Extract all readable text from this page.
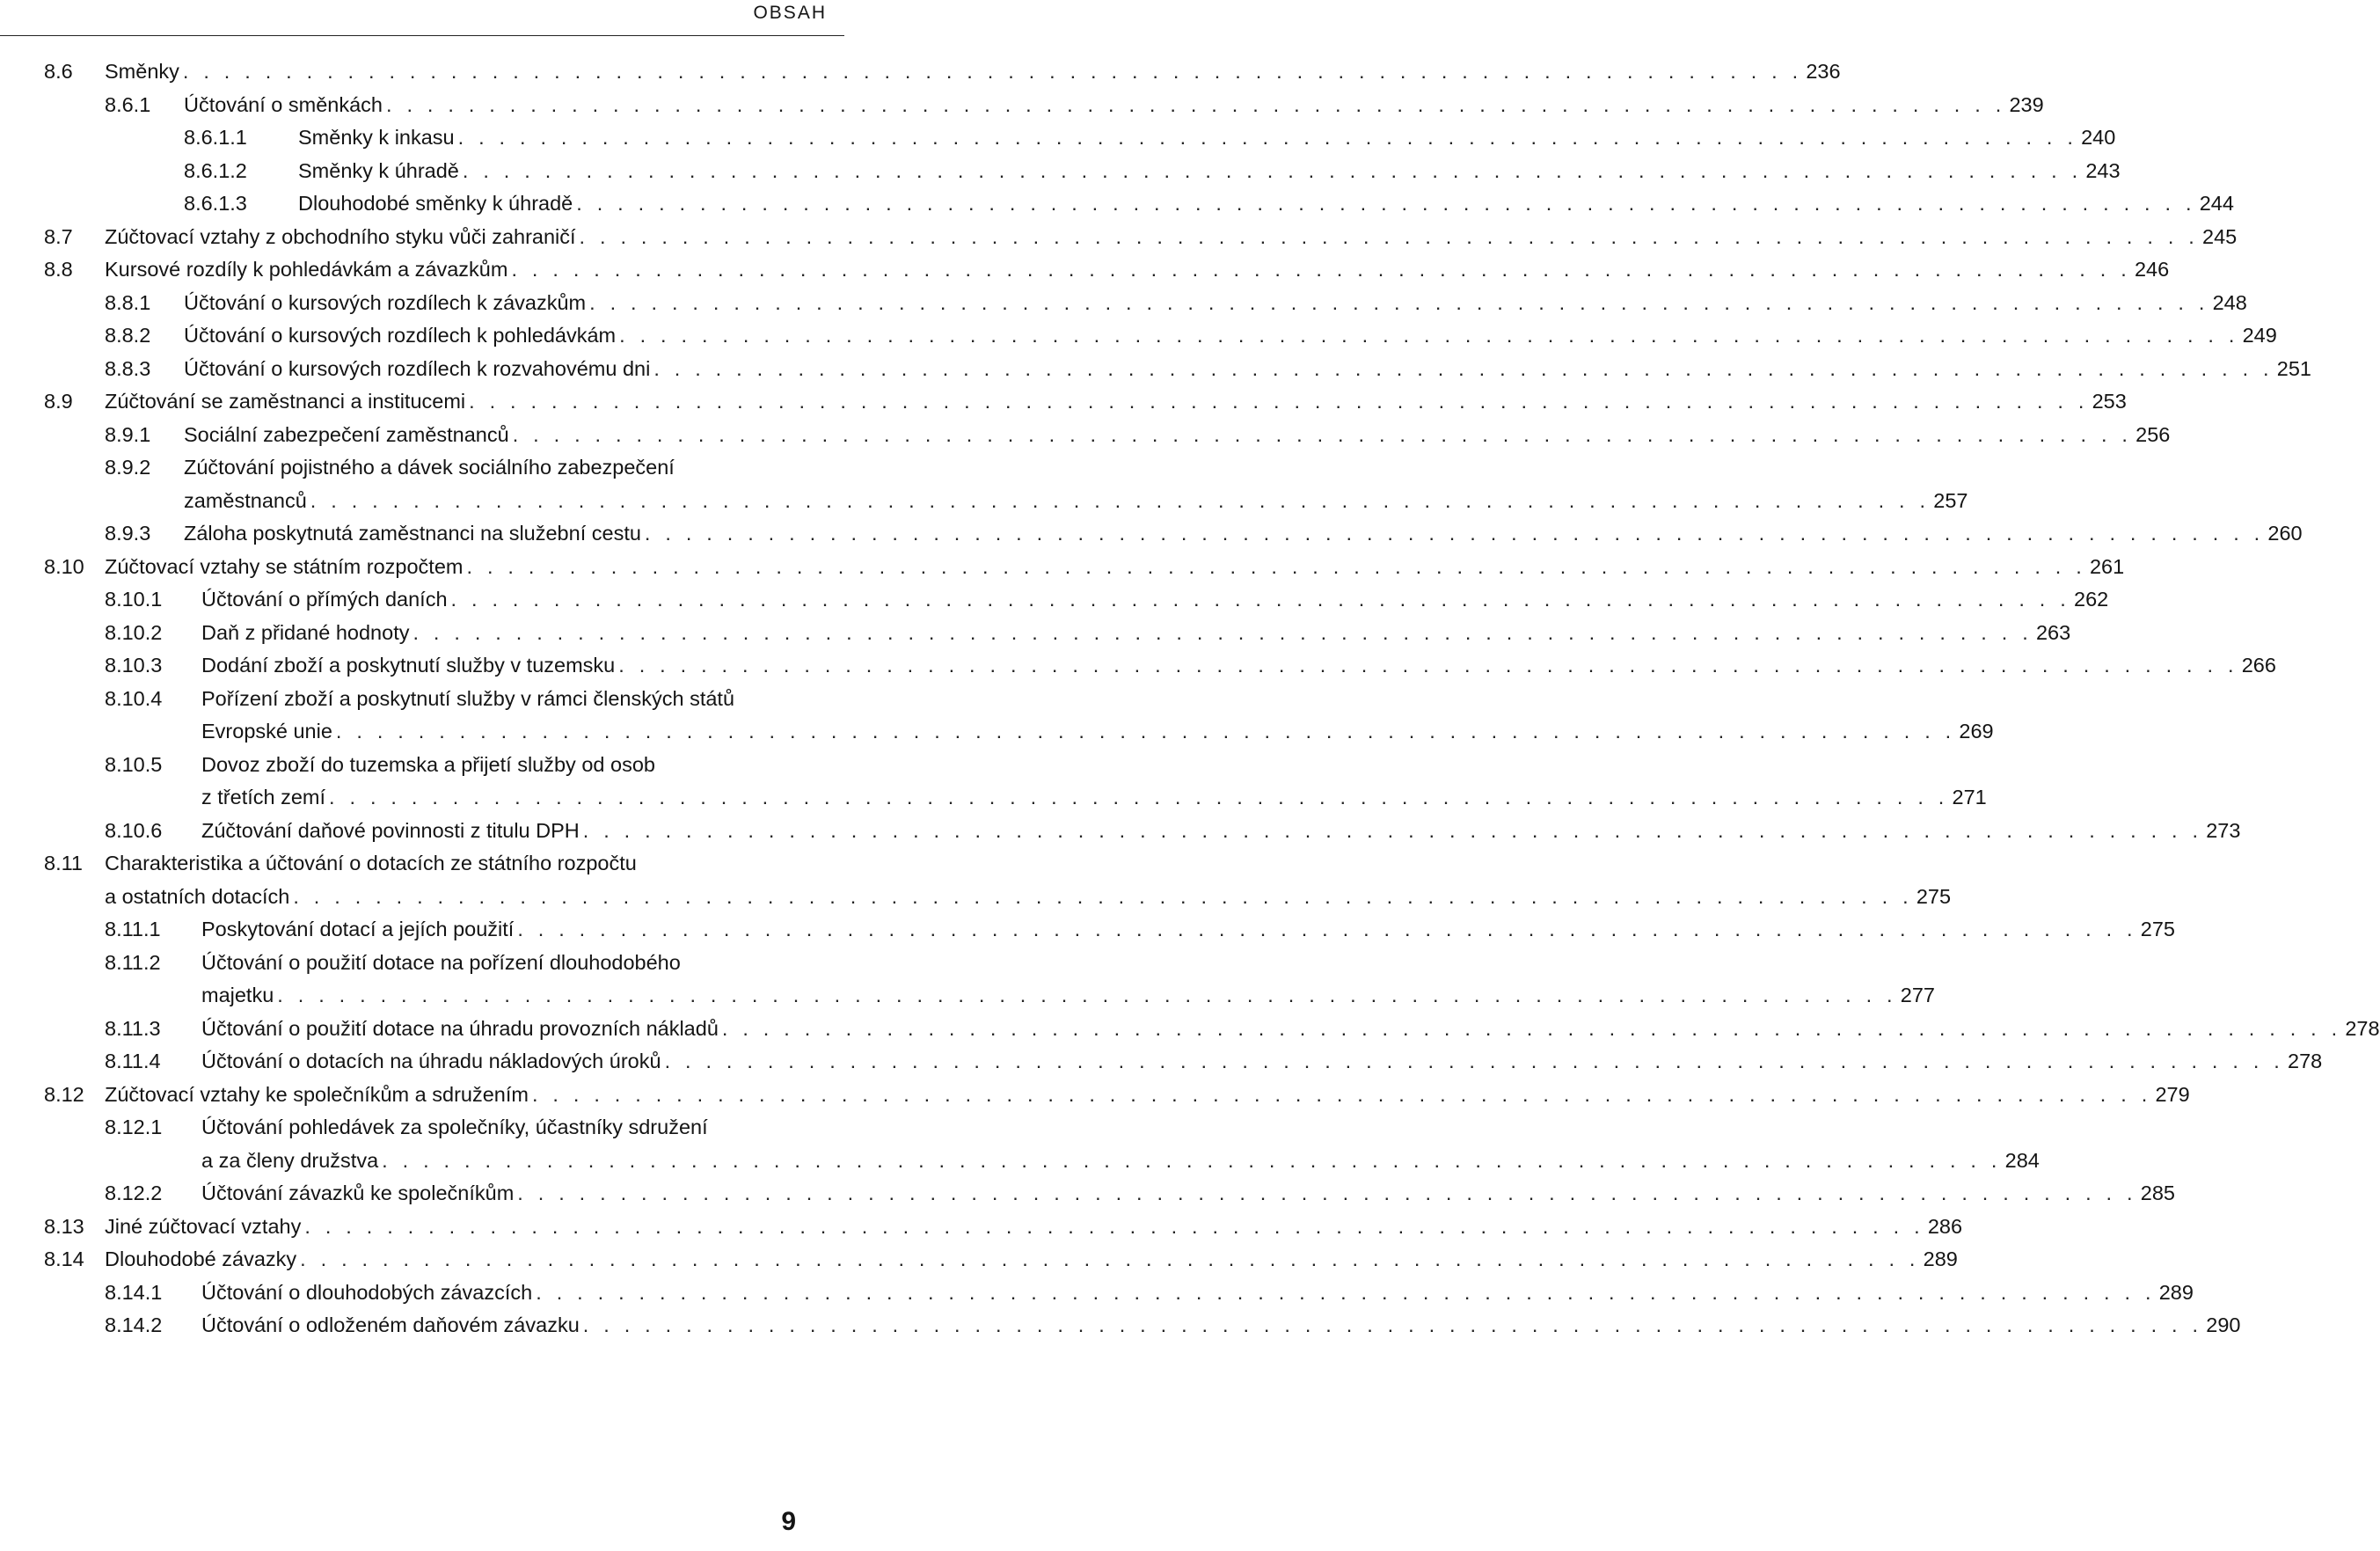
OBSAH
8.6 Směnky . . . . . . . . . . . . . . . . . . . . . . . . . . . . . . . . . . . . . . . . . . . . . . . . . . . . . . . . . . . . . . . . . . . . . . . . . . . . . . . 236
8.6.1 Účtování o směnkách . . . . . . . . . . . . . . . . . . . . . . . . . . . . . . . . . . . . . . . . . . . . . . . . . . . . . . . . . . . . . . . . . . . . . . . . . . . . . . . 239
8.6.1.1 Směnky k inkasu . . . . . . . . . . . . . . . . . . . . . . . . . . . . . . . . . . . . . . . . . . . . . . . . . . . . . . . . . . . . . . . . . . . . . . . . . . . . . . . 240
8.6.1.2 Směnky k úhradě . . . . . . . . . . . . . . . . . . . . . . . . . . . . . . . . . . . . . . . . . . . . . . . . . . . . . . . . . . . . . . . . . . . . . . . . . . . . . . . 243
8.6.1.3 Dlouhodobé směnky k úhradě . . . . . . . . . . . . . . . . . . . . . . . . . . . . . . . . . . . . . . . . . . . . . . . . . . . . . . . . . . . . . . . . . . . . . . . . . . . . . . . 244
8.7 Zúčtovací vztahy z obchodního styku vůči zahraničí . . . . . . . . . . . . . . . . . . . . . . . . . . . . . . . . . . . . . . . . . . . . . . . . . . . . . . . . . . . . . . . . . . . . . . . . . . . . . . . 245
8.8 Kursové rozdíly k pohledávkám a závazkům . . . . . . . . . . . . . . . . . . . . . . . . . . . . . . . . . . . . . . . . . . . . . . . . . . . . . . . . . . . . . . . . . . . . . . . . . . . . . . . 246
8.8.1 Účtování o kursových rozdílech k závazkům . . . . . . . . . . . . . . . . . . . . . . . . . . . . . . . . . . . . . . . . . . . . . . . . . . . . . . . . . . . . . . . . . . . . . . . . . . . . . . . 248
8.8.2 Účtování o kursových rozdílech k pohledávkám . . . . . . . . . . . . . . . . . . . . . . . . . . . . . . . . . . . . . . . . . . . . . . . . . . . . . . . . . . . . . . . . . . . . . . . . . . . . . . . 249
8.8.3 Účtování o kursových rozdílech k rozvahovému dni . . . . . . . . . . . . . . . . . . . . . . . . . . . . . . . . . . . . . . . . . . . . . . . . . . . . . . . . . . . . . . . . . . . . . . . . . . . . . . . 251
8.9 Zúčtování se zaměstnanci a institucemi . . . . . . . . . . . . . . . . . . . . . . . . . . . . . . . . . . . . . . . . . . . . . . . . . . . . . . . . . . . . . . . . . . . . . . . . . . . . . . . 253
8.9.1 Sociální zabezpečení zaměstnanců . . . . . . . . . . . . . . . . . . . . . . . . . . . . . . . . . . . . . . . . . . . . . . . . . . . . . . . . . . . . . . . . . . . . . . . . . . . . . . . 256
8.9.2 Zúčtování pojistného a dávek sociálního zabezpečení
zaměstnanců . . . . . . . . . . . . . . . . . . . . . . . . . . . . . . . . . . . . . . . . . . . . . . . . . . . . . . . . . . . . . . . . . . . . . . . . . . . . . . . 257
8.9.3 Záloha poskytnutá zaměstnanci na služební cestu . . . . . . . . . . . . . . . . . . . . . . . . . . . . . . . . . . . . . . . . . . . . . . . . . . . . . . . . . . . . . . . . . . . . . . . . . . . . . . . 260
8.10 Zúčtovací vztahy se státním rozpočtem . . . . . . . . . . . . . . . . . . . . . . . . . . . . . . . . . . . . . . . . . . . . . . . . . . . . . . . . . . . . . . . . . . . . . . . . . . . . . . . 261
8.10.1 Účtování o přímých daních . . . . . . . . . . . . . . . . . . . . . . . . . . . . . . . . . . . . . . . . . . . . . . . . . . . . . . . . . . . . . . . . . . . . . . . . . . . . . . . 262
8.10.2 Daň z přidané hodnoty . . . . . . . . . . . . . . . . . . . . . . . . . . . . . . . . . . . . . . . . . . . . . . . . . . . . . . . . . . . . . . . . . . . . . . . . . . . . . . . 263
8.10.3 Dodání zboží a poskytnutí služby v tuzemsku . . . . . . . . . . . . . . . . . . . . . . . . . . . . . . . . . . . . . . . . . . . . . . . . . . . . . . . . . . . . . . . . . . . . . . . . . . . . . . . 266
8.10.4 Pořízení zboží a poskytnutí služby v rámci členských států
Evropské unie . . . . . . . . . . . . . . . . . . . . . . . . . . . . . . . . . . . . . . . . . . . . . . . . . . . . . . . . . . . . . . . . . . . . . . . . . . . . . . . 269
8.10.5 Dovoz zboží do tuzemska a přijetí služby od osob
z třetích zemí . . . . . . . . . . . . . . . . . . . . . . . . . . . . . . . . . . . . . . . . . . . . . . . . . . . . . . . . . . . . . . . . . . . . . . . . . . . . . . . 271
8.10.6 Zúčtování daňové povinnosti z titulu DPH . . . . . . . . . . . . . . . . . . . . . . . . . . . . . . . . . . . . . . . . . . . . . . . . . . . . . . . . . . . . . . . . . . . . . . . . . . . . . . . 273
8.11 Charakteristika a účtování o dotacích ze státního rozpočtu
a ostatních dotacích . . . . . . . . . . . . . . . . . . . . . . . . . . . . . . . . . . . . . . . . . . . . . . . . . . . . . . . . . . . . . . . . . . . . . . . . . . . . . . . 275
8.11.1 Poskytování dotací a jejích použití . . . . . . . . . . . . . . . . . . . . . . . . . . . . . . . . . . . . . . . . . . . . . . . . . . . . . . . . . . . . . . . . . . . . . . . . . . . . . . . 275
8.11.2 Účtování o použití dotace na pořízení dlouhodobého
majetku . . . . . . . . . . . . . . . . . . . . . . . . . . . . . . . . . . . . . . . . . . . . . . . . . . . . . . . . . . . . . . . . . . . . . . . . . . . . . . . 277
8.11.3 Účtování o použití dotace na úhradu provozních nákladů . . . . . . . . . . . . . . . . . . . . . . . . . . . . . . . . . . . . . . . . . . . . . . . . . . . . . . . . . . . . . . . . . . . . . . . . . . . . . . . 278
8.11.4 Účtování o dotacích na úhradu nákladových úroků . . . . . . . . . . . . . . . . . . . . . . . . . . . . . . . . . . . . . . . . . . . . . . . . . . . . . . . . . . . . . . . . . . . . . . . . . . . . . . . 278
8.12 Zúčtovací vztahy ke společníkům a sdružením . . . . . . . . . . . . . . . . . . . . . . . . . . . . . . . . . . . . . . . . . . . . . . . . . . . . . . . . . . . . . . . . . . . . . . . . . . . . . . . 279
8.12.1 Účtování pohledávek za společníky, účastníky sdružení
a za členy družstva . . . . . . . . . . . . . . . . . . . . . . . . . . . . . . . . . . . . . . . . . . . . . . . . . . . . . . . . . . . . . . . . . . . . . . . . . . . . . . . 284
8.12.2 Účtování závazků ke společníkům . . . . . . . . . . . . . . . . . . . . . . . . . . . . . . . . . . . . . . . . . . . . . . . . . . . . . . . . . . . . . . . . . . . . . . . . . . . . . . . 285
8.13 Jiné zúčtovací vztahy . . . . . . . . . . . . . . . . . . . . . . . . . . . . . . . . . . . . . . . . . . . . . . . . . . . . . . . . . . . . . . . . . . . . . . . . . . . . . . . 286
8.14 Dlouhodobé závazky . . . . . . . . . . . . . . . . . . . . . . . . . . . . . . . . . . . . . . . . . . . . . . . . . . . . . . . . . . . . . . . . . . . . . . . . . . . . . . . 289
8.14.1 Účtování o dlouhodobých závazcích . . . . . . . . . . . . . . . . . . . . . . . . . . . . . . . . . . . . . . . . . . . . . . . . . . . . . . . . . . . . . . . . . . . . . . . . . . . . . . . 289
8.14.2 Účtování o odloženém daňovém závazku . . . . . . . . . . . . . . . . . . . . . . . . . . . . . . . . . . . . . . . . . . . . . . . . . . . . . . . . . . . . . . . . . . . . . . . . . . . . . . . 290
9
